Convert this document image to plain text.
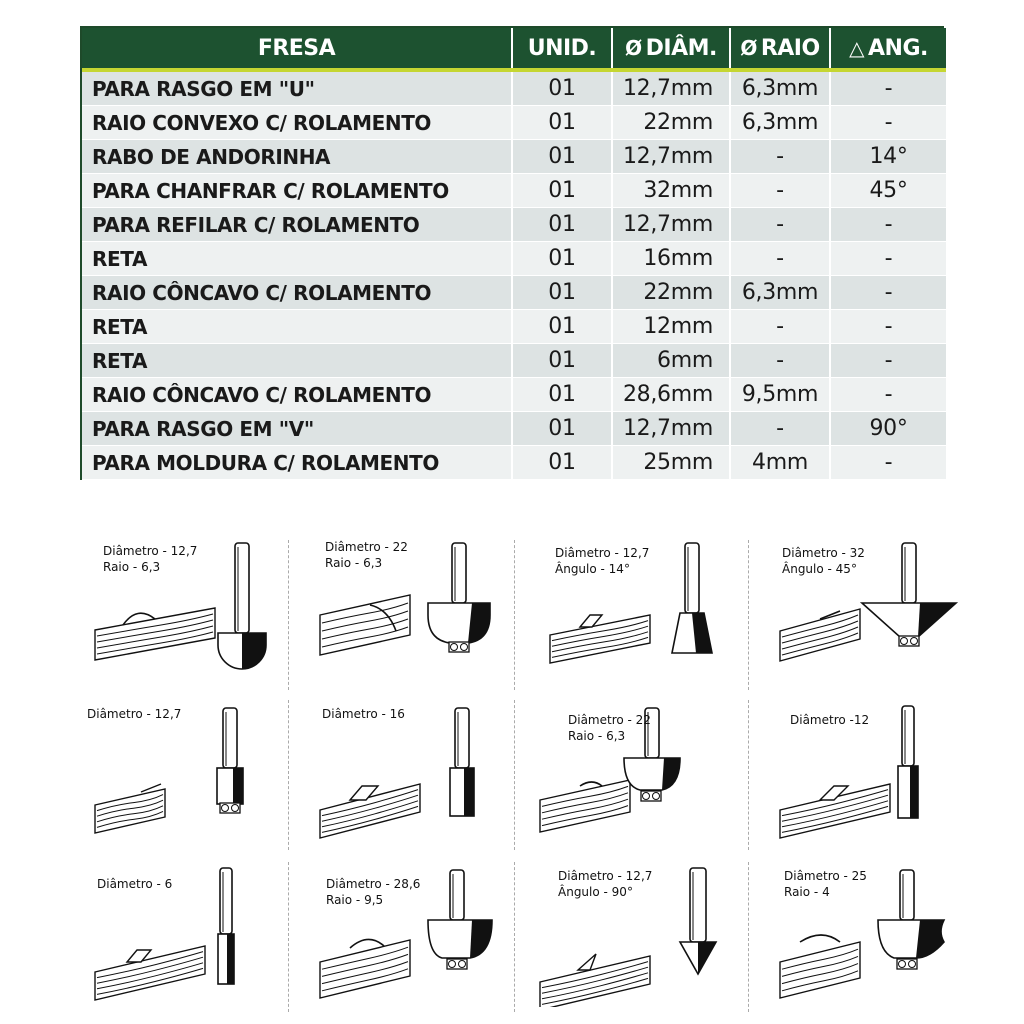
FRESA	UNID.	Ø DIÂM.	Ø RAIO	△ ANG.
PARA RASGO EM "U"	01	12,7mm	6,3mm	-
RAIO CONVEXO C/ ROLAMENTO	01	22mm	6,3mm	-
RABO DE ANDORINHA	01	12,7mm	-	14°
PARA CHANFRAR C/ ROLAMENTO	01	32mm	-	45°
PARA REFILAR C/ ROLAMENTO	01	12,7mm	-	-
RETA	01	16mm	-	-
RAIO CÔNCAVO C/ ROLAMENTO	01	22mm	6,3mm	-
RETA	01	12mm	-	-
RETA	01	6mm	-	-
RAIO CÔNCAVO C/ ROLAMENTO	01	28,6mm	9,5mm	-
PARA RASGO EM "V"	01	12,7mm	-	90°
PARA MOLDURA C/ ROLAMENTO	01	25mm	4mm	-
Diâmetro - 12,7
Raio - 6,3
Diâmetro - 22
Raio - 6,3
Diâmetro - 12,7
Ângulo - 14°
Diâmetro - 32
Ângulo - 45°
Diâmetro - 12,7	Diâmetro - 16	Diâmetro - 22
Raio - 6,3
Diâmetro -12
Diâmetro - 6	Diâmetro - 28,6
Raio - 9,5
Diâmetro - 12,7
Ângulo - 90°
Diâmetro - 25
Raio - 4
